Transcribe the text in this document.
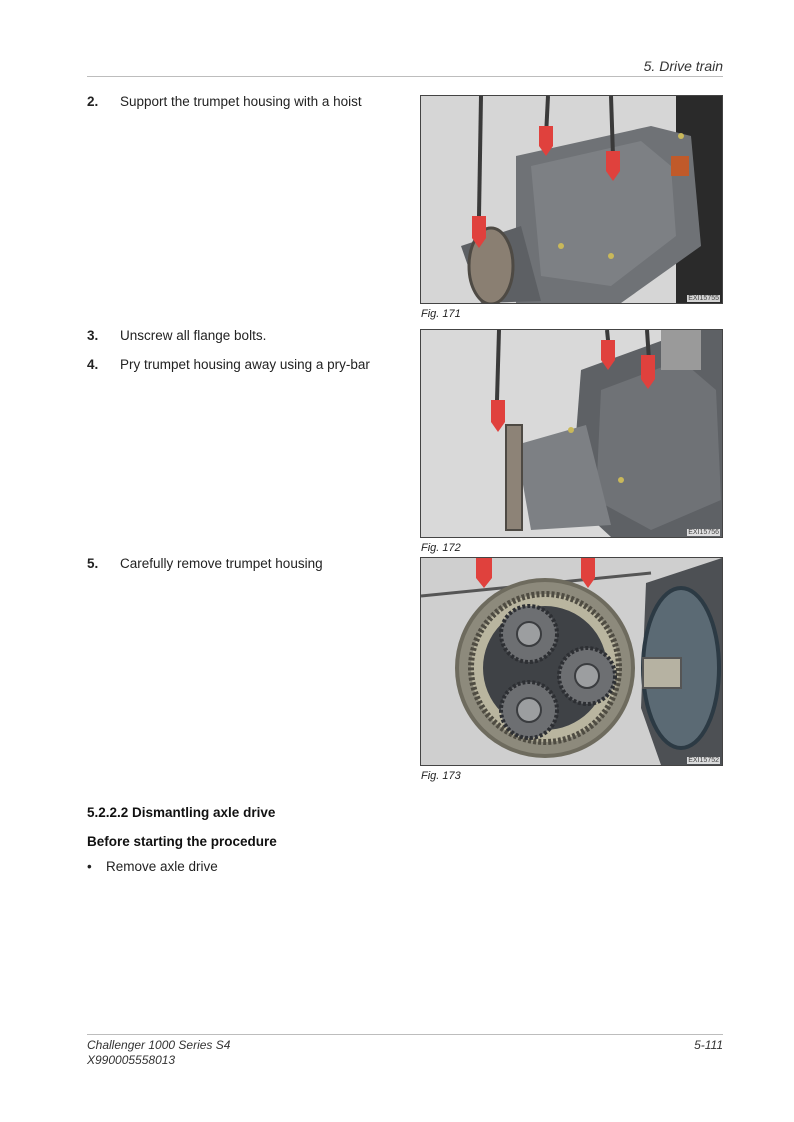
5. Drive train
2. Support the trumpet housing with a hoist
3. Unscrew all flange bolts.
4. Pry trumpet housing away using a pry-bar
5. Carefully remove trumpet housing
EXI15755
Fig. 171
EXI15756
Fig. 172
EXI15752
Fig. 173
5.2.2.2 Dismantling axle drive
Before starting the procedure
• Remove axle drive
Challenger 1000 Series S4
X990005558013
5-111
